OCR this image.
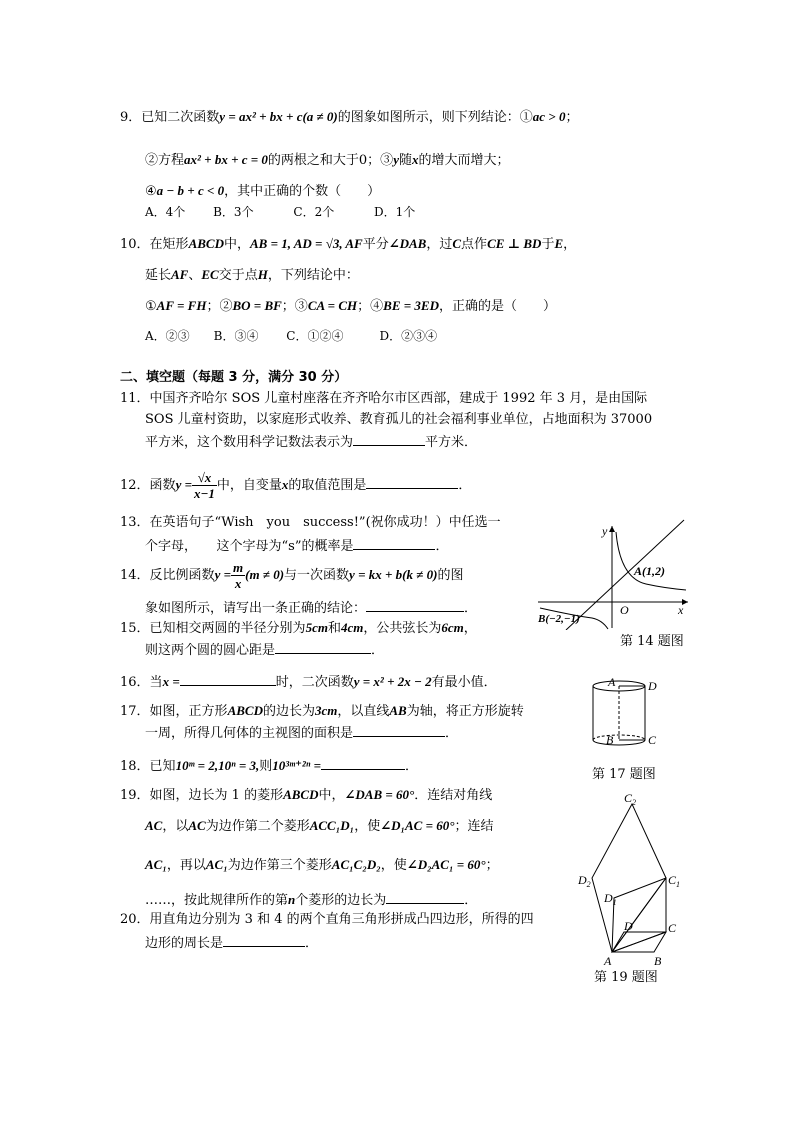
9．已知二次函数y = ax² + bx + c(a ≠ 0)的图象如图所示，则下列结论：①ac > 0；
②方程ax² + bx + c = 0的两根之和大于0；③y随x的增大而增大；
④a − b + c < 0，其中正确的个数（　　）
A．4个　　 B．3个　　　 C．2个　　　 D．1个
10．在矩形ABCD中，AB = 1, AD = √3, AF平分∠DAB，过C点作CE ⊥ BD于E，
延长AF、EC交于点H，下列结论中：
①AF = FH；②BO = BF；③CA = CH；④BE = 3ED，正确的是（　　）
A．②③　　B．③④　　 C．①②④　　　D．②③④
二、填空题（每题 3 分，满分 30 分）
11．中国齐齐哈尔 SOS 儿童村座落在齐齐哈尔市区西部，建成于 1992 年 3 月，是由国际
SOS 儿童村资助，以家庭形式收养、教育孤儿的社会福利事业单位，占地面积为 37000
平方米，这个数用科学记数法表示为	平方米．
12．函数$y = \frac{√x}{x-1}$ 中，自变量x的取值范围是	．
13．在英语句子“Wish　you　success!”(祝你成功！）中任选一
个字母，　　这个字母为“s”的概率是	．
14．反比例函数$y = \frac{m}{x} (m \ne 0)$与一次函数y = kx + b(k ≠ 0)的图
象如图所示，请写出一条正确的结论：	．
15．已知相交两圆的半径分别为5cm和4cm，公共弦长为6cm，
则这两个圆的圆心距是	．
16．当x =	时，二次函数y = x² + 2x − 2有最小值．
17．如图，正方形ABCD的边长为3cm，以直线AB为轴，将正方形旋转
一周，所得几何体的主视图的面积是	．
18．已知10ᵐ = 2,10ⁿ = 3,则10³ᵐ⁺²ⁿ =	．
19．如图，边长为 1 的菱形ABCD中，∠DAB = 60°．连结对角线
AC，以AC为边作第二个菱形ACC₁D₁，使∠D₁AC = 60°；连结
AC₁，再以AC₁为边作第三个菱形AC₁C₂D₂，使∠D₂AC₁ = 60°；
……，按此规律所作的第n个菱形的边长为	．
20．用直角边分别为 3 和 4 的两个直角三角形拼成凸四边形，所得的四
边形的周长是	．
y
x
O
A(1,2)
B(−2,−1)
第 14 题图
A	D
B	C
第 17 题图
A	B
C
D
$C_1$
$D_1$
$C_2$
$D_2$
第 19 题图
